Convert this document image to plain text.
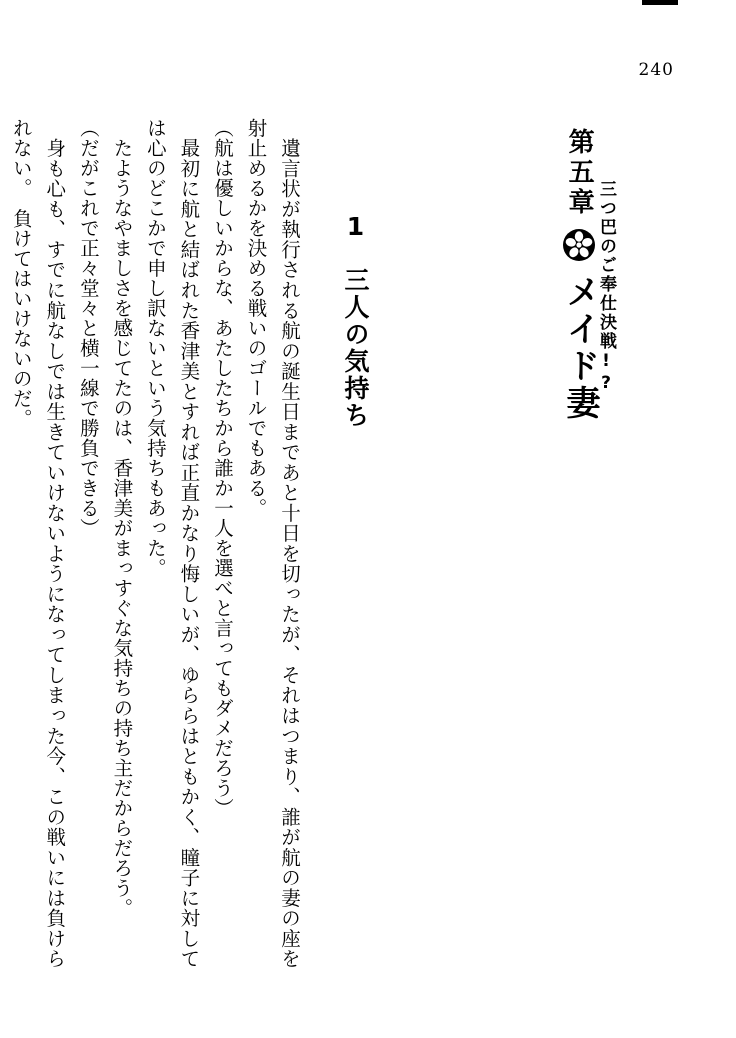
240
第五章
メイド妻
三つ巴のご奉仕決戦!?
1
三人の気持ち

遺言状が執行される航の誕生日まであと十日を切ったが、それはつまり、誰が航の妻の座を射止めるかを決める戦いのゴールでもある。

（航は優しいからな、あたしたちから誰か一人を選べと言ってもダメだろう）

最初に航と結ばれた香津美とすれば正直かなり悔しいが、ゆららはともかく、瞳子に対しては心のどこかで申し訳ないという気持ちもあった。

たようなやましさを感じてたのは、香津美がまっすぐな気持ちの持ち主だからだろう。

（だがこれで正々堂々と横一線で勝負できる）

身も心も、すでに航なしでは生きていけないようになってしまった今、この戦いには負けられない。　負けてはいけないのだ。
